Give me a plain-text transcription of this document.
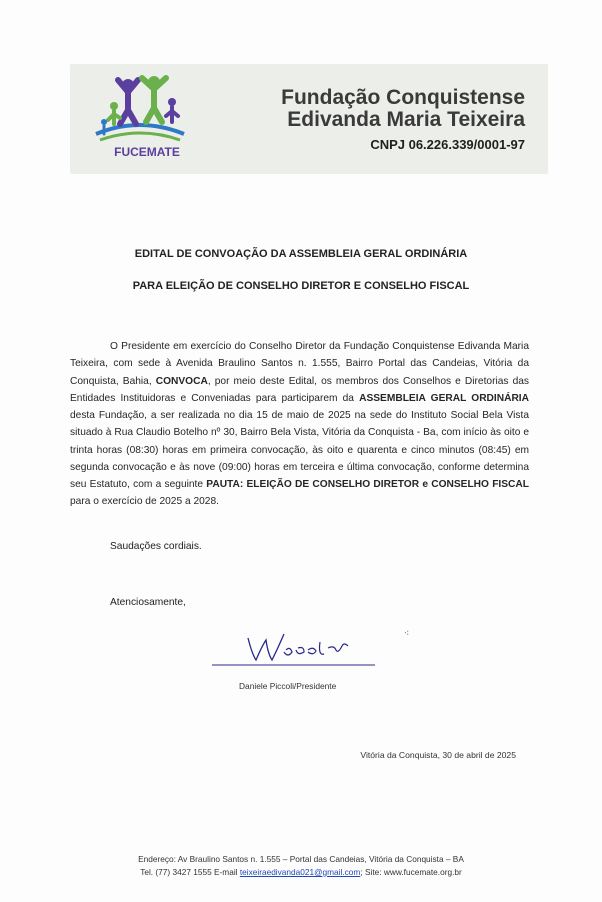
FUCEMATE
Fundação Conquistense
Edivanda Maria Teixeira
CNPJ 06.226.339/0001-97
EDITAL DE CONVOAÇÃO DA ASSEMBLEIA GERAL ORDINÁRIA
PARA ELEIÇÃO DE CONSELHO DIRETOR E CONSELHO FISCAL

O Presidente em exercício do Conselho Diretor da Fundação Conquistense Edivanda Maria Teixeira, com sede à Avenida Braulino Santos n. 1.555, Bairro Portal das Candeias, Vitória da Conquista, Bahia, CONVOCA, por meio deste Edital, os membros dos Conselhos e Diretorias das Entidades Instituidoras e Conveniadas para participarem da ASSEMBLEIA GERAL ORDINÁRIA desta Fundação, a ser realizada no dia 15 de maio de 2025 na sede do Instituto Social Bela Vista situado à Rua Claudio Botelho nº 30, Bairro Bela Vista, Vitória da Conquista - Ba, com início às oito e trinta horas (08:30) horas em primeira convocação, às oito e quarenta e cinco minutos (08:45) em segunda convocação e às nove (09:00) horas em terceira e última convocação, conforme determina seu Estatuto, com a seguinte PAUTA: ELEIÇÃO DE CONSELHO DIRETOR e CONSELHO FISCAL para o exercício de 2025 a 2028.

Saudações cordiais.
Atenciosamente,
⁖
Daniele Piccoli/Presidente
Vitória da Conquista, 30 de abril de 2025
Endereço: Av Braulino Santos n. 1.555 – Portal das Candeias, Vitória da Conquista – BA
Tel. (77) 3427 1555 E-mail teixeiraedivanda021@gmail.com; Site: www.fucemate.org.br
